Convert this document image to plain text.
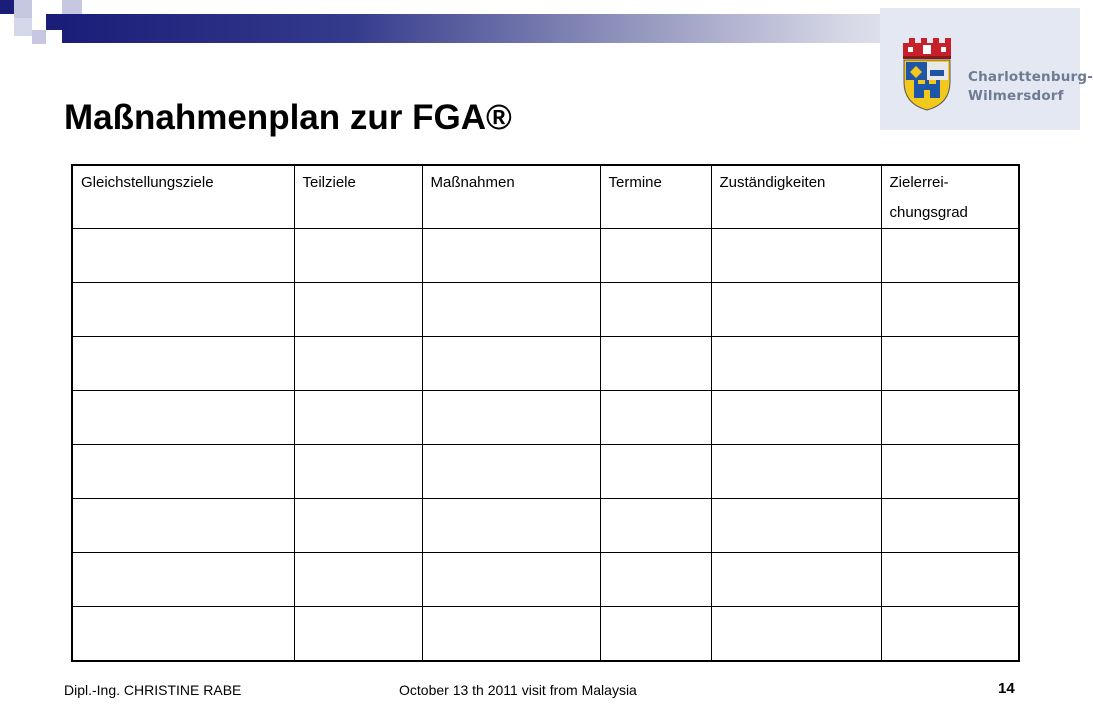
Charlottenburg-
Wilmersdorf
Maßnahmenplan zur FGA®
Gleichstellungsziele	Teilziele	Maßnahmen	Termine	Zuständigkeiten	Zielerrei-
chungsgrad

Dipl.-Ing. CHRISTINE RABE	October 13 th 2011 visit from Malaysia	14
